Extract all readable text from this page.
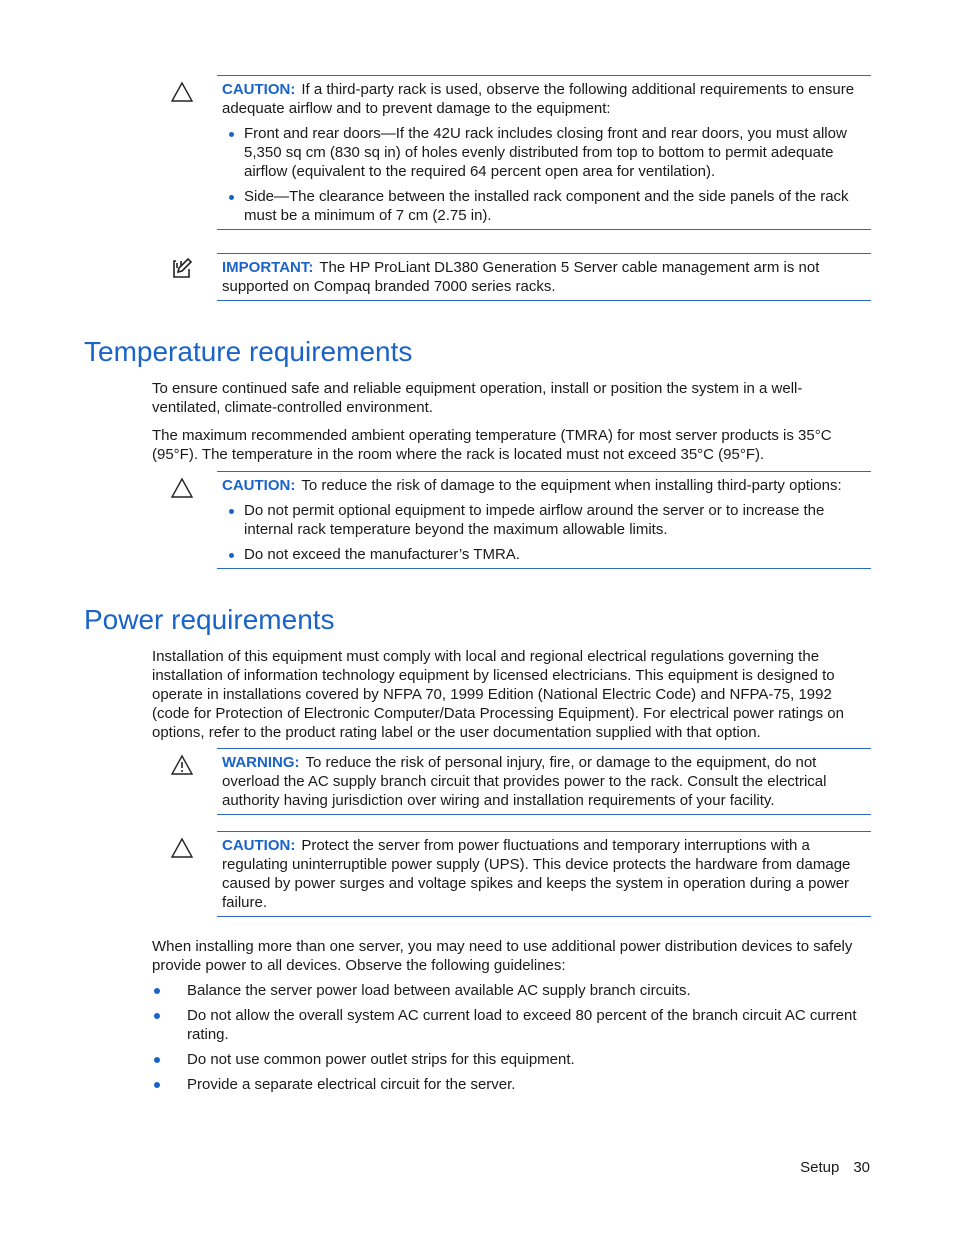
CAUTION: If a third-party rack is used, observe the following additional requirements to ensure adequate airflow and to prevent damage to the equipment:

Front and rear doors—If the 42U rack includes closing front and rear doors, you must allow 5,350 sq cm (830 sq in) of holes evenly distributed from top to bottom to permit adequate airflow (equivalent to the required 64 percent open area for ventilation).
Side—The clearance between the installed rack component and the side panels of the rack must be a minimum of 7 cm (2.75 in).

IMPORTANT: The HP ProLiant DL380 Generation 5 Server cable management arm is not supported on Compaq branded 7000 series racks.

Temperature requirements

To ensure continued safe and reliable equipment operation, install or position the system in a well-ventilated, climate-controlled environment.

The maximum recommended ambient operating temperature (TMRA) for most server products is 35°C (95°F). The temperature in the room where the rack is located must not exceed 35°C (95°F).

CAUTION: To reduce the risk of damage to the equipment when installing third-party options:

Do not permit optional equipment to impede airflow around the server or to increase the internal rack temperature beyond the maximum allowable limits.
Do not exceed the manufacturer’s TMRA.
Power requirements

Installation of this equipment must comply with local and regional electrical regulations governing the installation of information technology equipment by licensed electricians. This equipment is designed to operate in installations covered by NFPA 70, 1999 Edition (National Electric Code) and NFPA-75, 1992 (code for Protection of Electronic Computer/Data Processing Equipment). For electrical power ratings on options, refer to the product rating label or the user documentation supplied with that option.

WARNING: To reduce the risk of personal injury, fire, or damage to the equipment, do not overload the AC supply branch circuit that provides power to the rack. Consult the electrical authority having jurisdiction over wiring and installation requirements of your facility.

CAUTION: Protect the server from power fluctuations and temporary interruptions with a regulating uninterruptible power supply (UPS). This device protects the hardware from damage caused by power surges and voltage spikes and keeps the system in operation during a power failure.

When installing more than one server, you may need to use additional power distribution devices to safely provide power to all devices. Observe the following guidelines:

Balance the server power load between available AC supply branch circuits.
Do not allow the overall system AC current load to exceed 80 percent of the branch circuit AC current rating.
Do not use common power outlet strips for this equipment.
Provide a separate electrical circuit for the server.
Setup 30
